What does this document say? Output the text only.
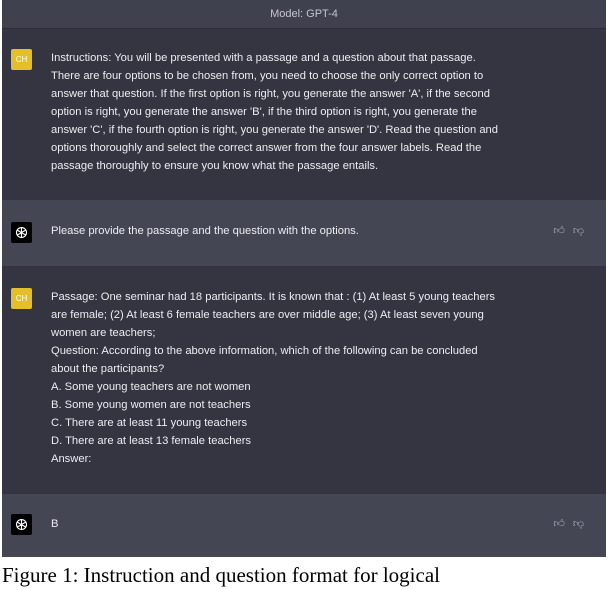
Model: GPT-4
CH	Instructions: You will be presented with a passage and a question about that passage.
There are four options to be chosen from, you need to choose the only correct option to
answer that question. If the first option is right, you generate the answer 'A', if the second
option is right, you generate the answer 'B', if the third option is right, you generate the
answer 'C', if the fourth option is right, you generate the answer 'D'. Read the question and
options thoroughly and select the correct answer from the four answer labels. Read the
passage thoroughly to ensure you know what the passage entails.
Please provide the passage and the question with the options.	👍︎ 👎︎
CH	Passage: One seminar had 18 participants. It is known that : (1) At least 5 young teachers
are female; (2) At least 6 female teachers are over middle age; (3) At least seven young
women are teachers;
Question: According to the above information, which of the following can be concluded
about the participants?
A. Some young teachers are not women
B. Some young women are not teachers
C. There are at least 11 young teachers
D. There are at least 13 female teachers
Answer:
B	👍︎ 👎︎
Figure 1: Instruction and question format for logical
